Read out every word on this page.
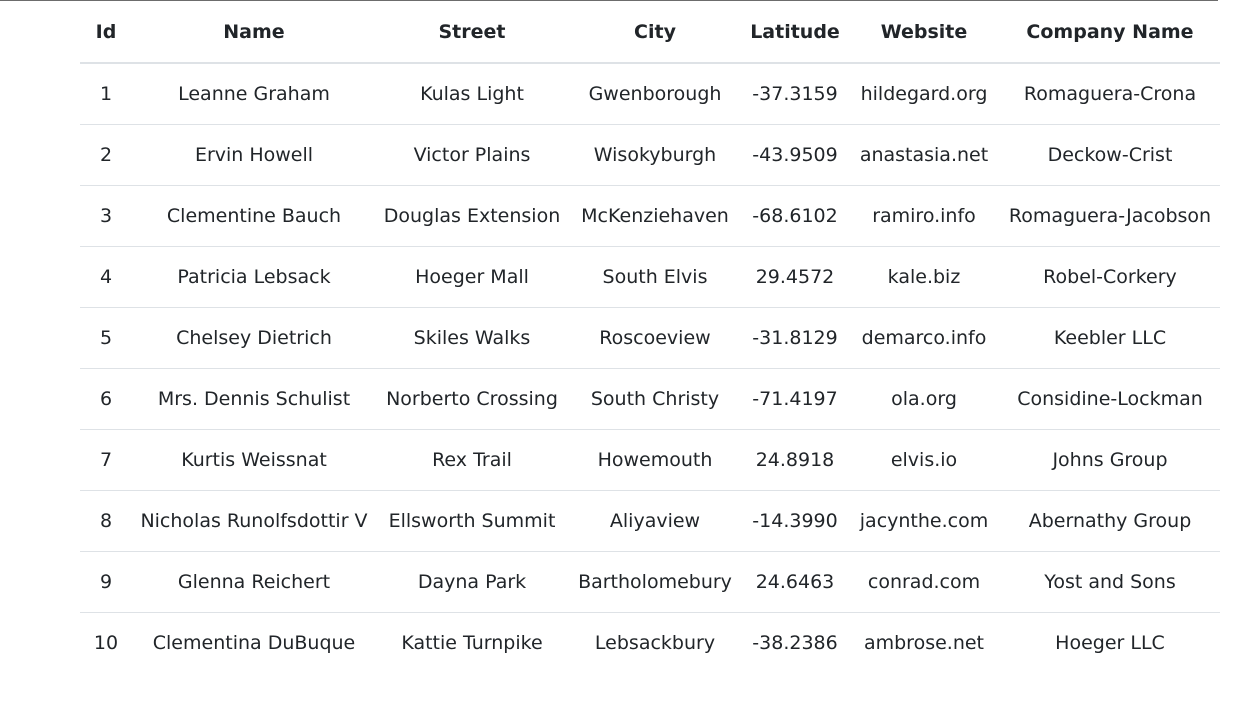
Id	Name	Street	City	Latitude	Website	Company Name
1	Leanne Graham	Kulas Light	Gwenborough	-37.3159	hildegard.org	Romaguera-Crona
2	Ervin Howell	Victor Plains	Wisokyburgh	-43.9509	anastasia.net	Deckow-Crist
3	Clementine Bauch	Douglas Extension	McKenziehaven	-68.6102	ramiro.info	Romaguera-Jacobson
4	Patricia Lebsack	Hoeger Mall	South Elvis	29.4572	kale.biz	Robel-Corkery
5	Chelsey Dietrich	Skiles Walks	Roscoeview	-31.8129	demarco.info	Keebler LLC
6	Mrs. Dennis Schulist	Norberto Crossing	South Christy	-71.4197	ola.org	Considine-Lockman
7	Kurtis Weissnat	Rex Trail	Howemouth	24.8918	elvis.io	Johns Group
8	Nicholas Runolfsdottir V	Ellsworth Summit	Aliyaview	-14.3990	jacynthe.com	Abernathy Group
9	Glenna Reichert	Dayna Park	Bartholomebury	24.6463	conrad.com	Yost and Sons
10	Clementina DuBuque	Kattie Turnpike	Lebsackbury	-38.2386	ambrose.net	Hoeger LLC
